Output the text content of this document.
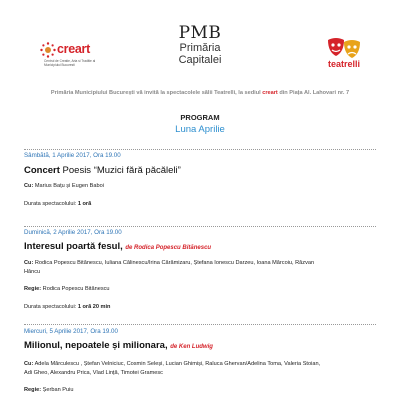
creart
Centrul de Creatie, Arta si Traditie al Municipiului Bucuresti
PMB
Primăria
Capitalei	teatrelli
Primăria Municipiului București vă invită la spectacolele sălii Teatrelli, la sediul creart din Piața Al. Lahovari nr. 7
PROGRAM
Luna Aprilie
Sâmbătă, 1 Aprilie 2017, Ora 19.00
Concert Poesis “Muzici fără păcăleli”
Cu: Marius Bațu și Eugen Baboi
Durata spectacolului: 1 oră
Duminică, 2 Aprilie 2017, Ora 19.00
Interesul poartă fesul, de Rodica Popescu Bitănescu
Cu: Rodica Popescu Bitănescu, Iuliana Călinescu/Irina Cărămizaru, Ștefana Ionescu Darzeu, Ioana Mărcoiu, Răzvan
Hâncu
Regie: Rodica Popescu Bitănescu
Durata spectacolului: 1 oră 20 min
Miercuri, 5 Aprilie 2017, Ora 19.00
Milionul, nepoatele și milionara, de Ken Ludwig
Cu: Adela Mărculescu , Ștefan Velniciuc, Cosmin Seleși, Lucian Ghimiși, Raluca Ghervan/Adelina Toma, Valeria Stoian,
Adi Gheo, Alexandru Prica, Vlad Lință, Timotei Gramesc
Regie: Șerban Puiu
